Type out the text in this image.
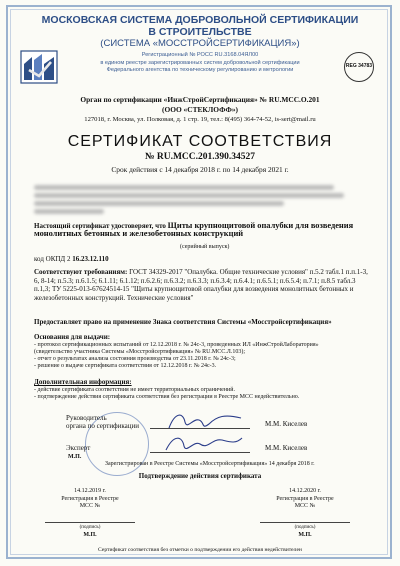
МОСКОВСКАЯ СИСТЕМА ДОБРОВОЛЬНОЙ СЕРТИФИКАЦИИ
В СТРОИТЕЛЬСТВЕ
(СИСТЕМА «МОССТРОЙСЕРТИФИКАЦИЯ»)
Регистрационный № РОСС RU.3168.04ЯЛ00
в едином реестре зарегистрированных систем добровольной сертификации
Федерального агентства по техническому регулированию и метрологии
REG 34783
Орган по сертификации «ИнжСтройСертификация» № RU.MCC.O.201
(ООО «СТЕКЛОФФ»)
127018, г. Москва, ул. Полковая, д. 1 стр. 19, тел.: 8(495) 364-74-52, is-sert@mail.ru
СЕРТИФИКАТ СООТВЕТСТВИЯ
№ RU.MCC.201.390.34527
Срок действия с 14 декабря 2018 г. по 14 декабря 2021 г.
Настоящий сертификат удостоверяет, что Щиты крупнощитовой опалубки для возведения монолитных бетонных и железобетонных конструкций
(серийный выпуск)
код ОКПД 2 16.23.12.110
Соответствуют требованиям: ГОСТ 34329-2017 "Опалубка. Общие технические условия" п.5.2 табл.1 п.п.1-3, 6, 8-14; п.5.3; п.6.1.5; 6.1.11; 6.1.12; п.6.2.6; п.6.3.2; п.6.3.3; п.6.3.4; п.6.4.1; п.6.5.1; п.6.5.4; п.7.1; п.8.5 табл.3 п.1,3; ТУ 5225-013-67624514-15 "Щиты крупнощитовой опалубки для возведения монолитных бетонных и железобетонных конструкций. Технические условия"
Предоставляет право на применение Знака соответствия Системы «Мосстройсертификация»
Основания для выдачи:
- протокол сертификационных испытаний от 12.12.2018 г. № 24с-3, проведенных ИЛ «ИнжСтройЛаборатория»
(свидетельство участника Системы «Мосстройсертификация» № RU.MCC.Л.103);
- отчет о результатах анализа состояния производства от 23.11.2018 г. № 24с-3;
- решение о выдаче сертификата соответствия от 12.12.2018 г. № 24с-3.
Дополнительная информация:
- действие сертификата соответствия не имеет территориальных ограничений.
- подтверждение действия сертификата соответствия без регистрации в Реестре МСС недействительно.
Руководитель
органа по сертификации	М.М. Киселев
Эксперт	М.М. Киселев
М.П.
Зарегистрирован в Реестре Системы «Мосстройсертификация» 14 декабря 2018 г.
Подтверждение действия сертификата
14.12.2019 г.
Регистрация в Реестре
МСС №
(подпись)
М.П.
14.12.2020 г.
Регистрация в Реестре
МСС №
(подпись)
М.П.
Сертификат соответствия без отметки о подтверждении его действия недействителен
